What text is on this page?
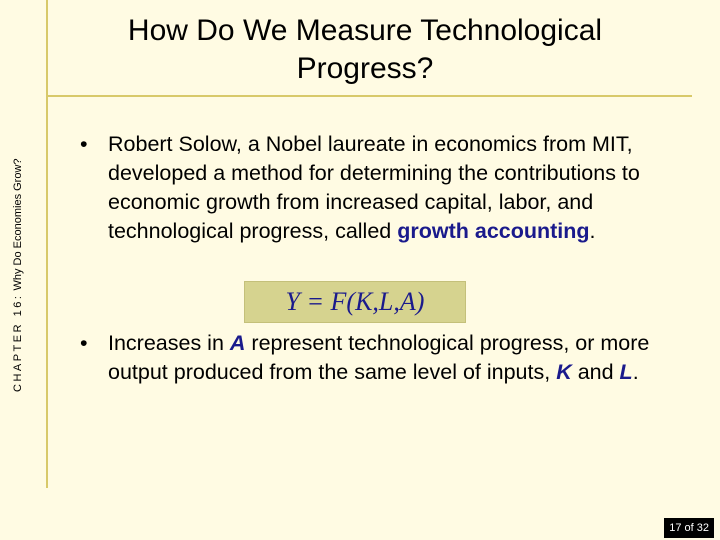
CHAPTER 16: Why Do Economies Grow?
How Do We Measure Technological Progress?
• Robert Solow, a Nobel laureate in economics from MIT, developed a method for determining the contributions to economic growth from increased capital, labor, and technological progress, called growth accounting.
Y = F(K,L,A)
• Increases in A represent technological progress, or more output produced from the same level of inputs, K and L.
17 of 32
